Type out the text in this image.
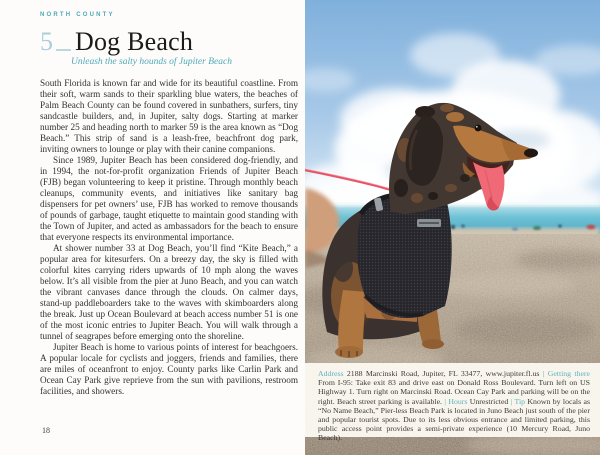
NORTH COUNTY
5 Dog Beach
Unleash the salty hounds of Jupiter Beach

South Florida is known far and wide for its beautiful coastline. From their soft, warm sands to their sparkling blue waters, the beaches of Palm Beach County can be found covered in sunbathers, surfers, tiny sandcastle builders, and, in Jupiter, salty dogs. Starting at marker number 25 and heading north to marker 59 is the area known as “Dog Beach.” This strip of sand is a leash-free, beachfront dog park, inviting owners to lounge or play with their canine companions.

Since 1989, Jupiter Beach has been considered dog-friendly, and in 1994, the not-for-profit organization Friends of Jupiter Beach (FJB) began volunteering to keep it pristine. Through monthly beach cleanups, community events, and initiatives like sanitary bag dispensers for pet owners’ use, FJB has worked to remove thousands of pounds of garbage, taught etiquette to maintain good standing with the Town of Jupiter, and acted as ambassadors for the beach to ensure that everyone respects its environmental importance.

At shower number 33 at Dog Beach, you’ll find “Kite Beach,” a popular area for kitesurfers. On a breezy day, the sky is filled with colorful kites carrying riders upwards of 10 mph along the waves below. It’s all visible from the pier at Juno Beach, and you can watch the vibrant canvases dance through the clouds. On calmer days, stand-up paddleboarders take to the waves with skimboarders along the break. Just up Ocean Boulevard at beach access number 51 is one of the most iconic entries to Jupiter Beach. You will walk through a tunnel of seagrapes before emerging onto the shoreline.

Jupiter Beach is home to various points of interest for beachgoers. A popular locale for cyclists and joggers, friends and families, there are miles of oceanfront to enjoy. County parks like Carlin Park and Ocean Cay Park give reprieve from the sun with pavilions, restroom facilities, and showers.

18
Address 2188 Marcinski Road, Jupiter, FL 33477, www.jupiter.fl.us | Getting there From I-95: Take exit 83 and drive east on Donald Ross Boulevard. Turn left on US Highway 1. Turn right on Marcinski Road. Ocean Cay Park and parking will be on the right. Beach street parking is available. | Hours Unrestricted | Tip Known by locals as “No Name Beach,” Pier-less Beach Park is located in Juno Beach just south of the pier and popular tourist spots. Due to its less obvious entrance and limited parking, this public access point provides a semi-private experience (10 Mercury Road, Juno Beach).
